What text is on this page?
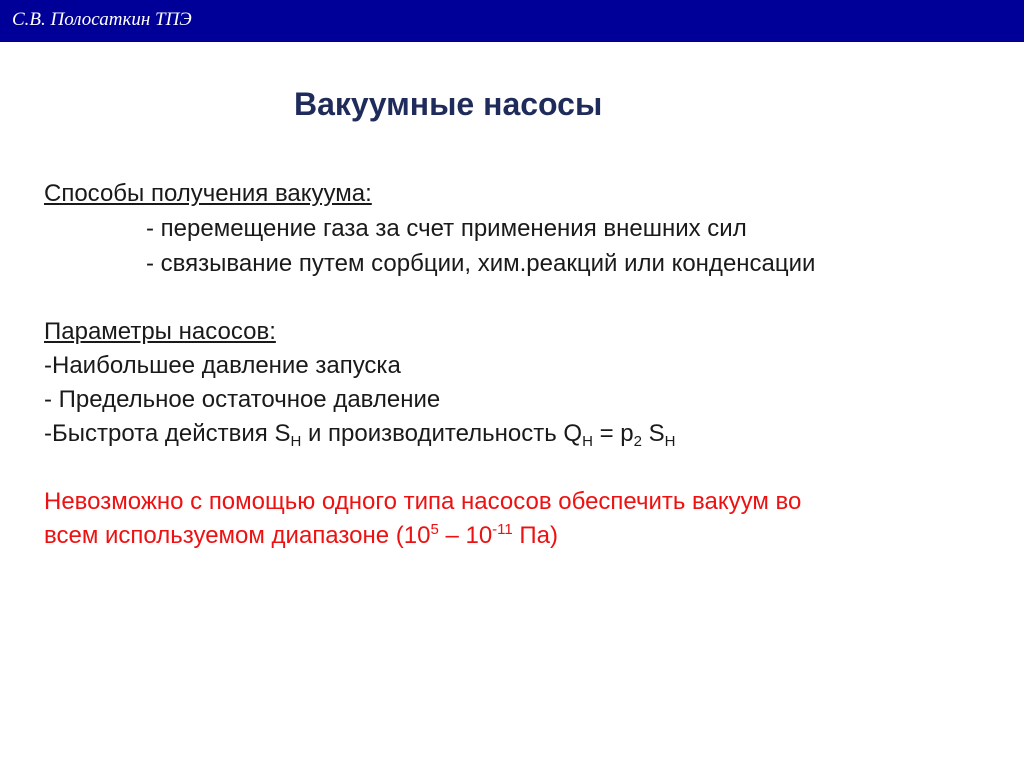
С.В. Полосаткин ТПЭ
Вакуумные насосы
Способы получения вакуума:
- перемещение газа за счет применения внешних сил
- связывание путем сорбции, хим.реакций или конденсации
Параметры насосов:
-Наибольшее давление запуска
- Предельное остаточное давление
-Быстрота действия $S_H$ и производительность $Q_H = p_2$ $S_H$
Невозможно с помощью одного типа насосов обеспечить вакуум во
всем используемом диапазоне ($10^5 - 10^{-11}$ Па)
